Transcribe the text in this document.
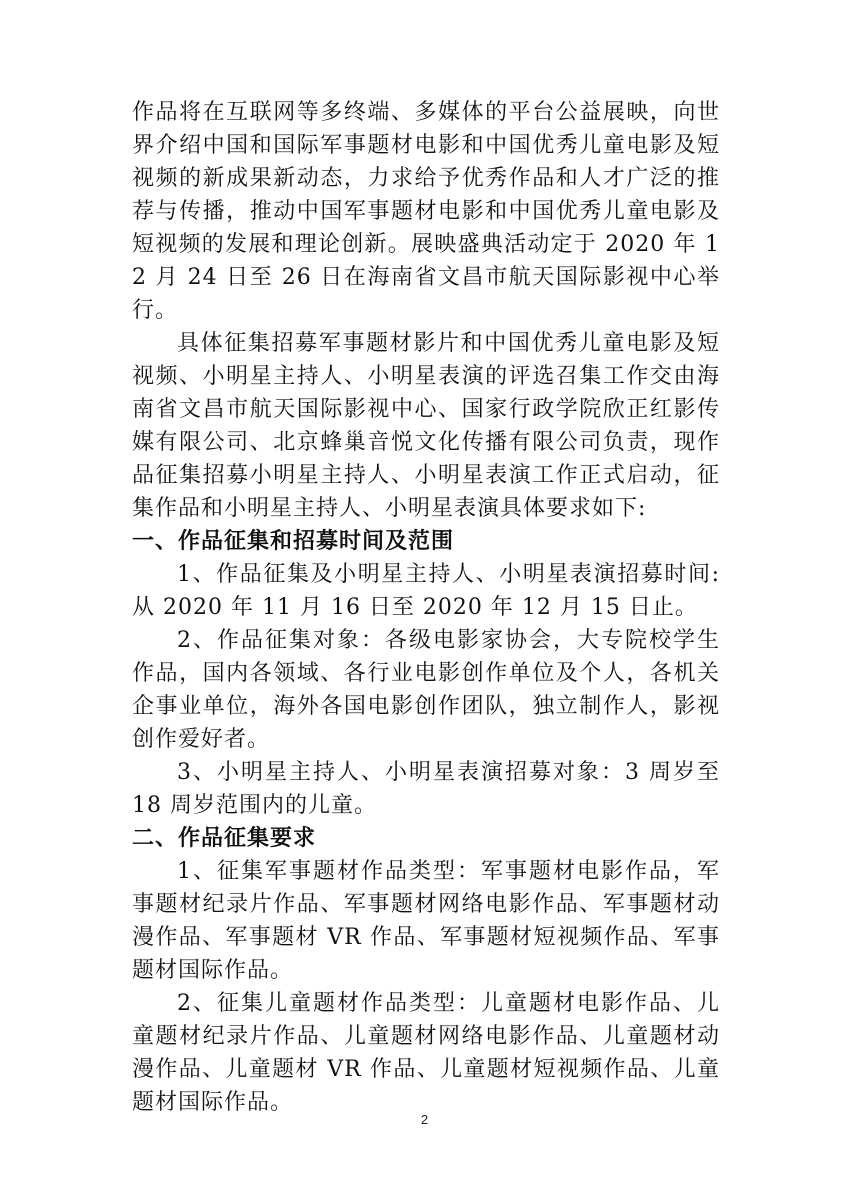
作品将在互联网等多终端、多媒体的平台公益展映，向世界介绍中国和国际军事题材电影和中国优秀儿童电影及短视频的新成果新动态，力求给予优秀作品和人才广泛的推荐与传播，推动中国军事题材电影和中国优秀儿童电影及短视频的发展和理论创新。展映盛典活动定于 2020 年 12 月 24 日至 26 日在海南省文昌市航天国际影视中心举行。

具体征集招募军事题材影片和中国优秀儿童电影及短视频、小明星主持人、小明星表演的评选召集工作交由海南省文昌市航天国际影视中心、国家行政学院欣正红影传媒有限公司、北京蜂巢音悦文化传播有限公司负责，现作品征集招募小明星主持人、小明星表演工作正式启动，征集作品和小明星主持人、小明星表演具体要求如下:

一、作品征集和招募时间及范围

1、作品征集及小明星主持人、小明星表演招募时间:从 2020 年 11 月 16 日至 2020 年 12 月 15 日止。

2、作品征集对象：各级电影家协会，大专院校学生作品，国内各领域、各行业电影创作单位及个人，各机关企事业单位，海外各国电影创作团队，独立制作人，影视创作爱好者。

3、小明星主持人、小明星表演招募对象：3 周岁至 18 周岁范围内的儿童。

二、作品征集要求

1、征集军事题材作品类型：军事题材电影作品，军事题材纪录片作品、军事题材网络电影作品、军事题材动漫作品、军事题材 VR 作品、军事题材短视频作品、军事题材国际作品。

2、征集儿童题材作品类型：儿童题材电影作品、儿童题材纪录片作品、儿童题材网络电影作品、儿童题材动漫作品、儿童题材 VR 作品、儿童题材短视频作品、儿童题材国际作品。

2
